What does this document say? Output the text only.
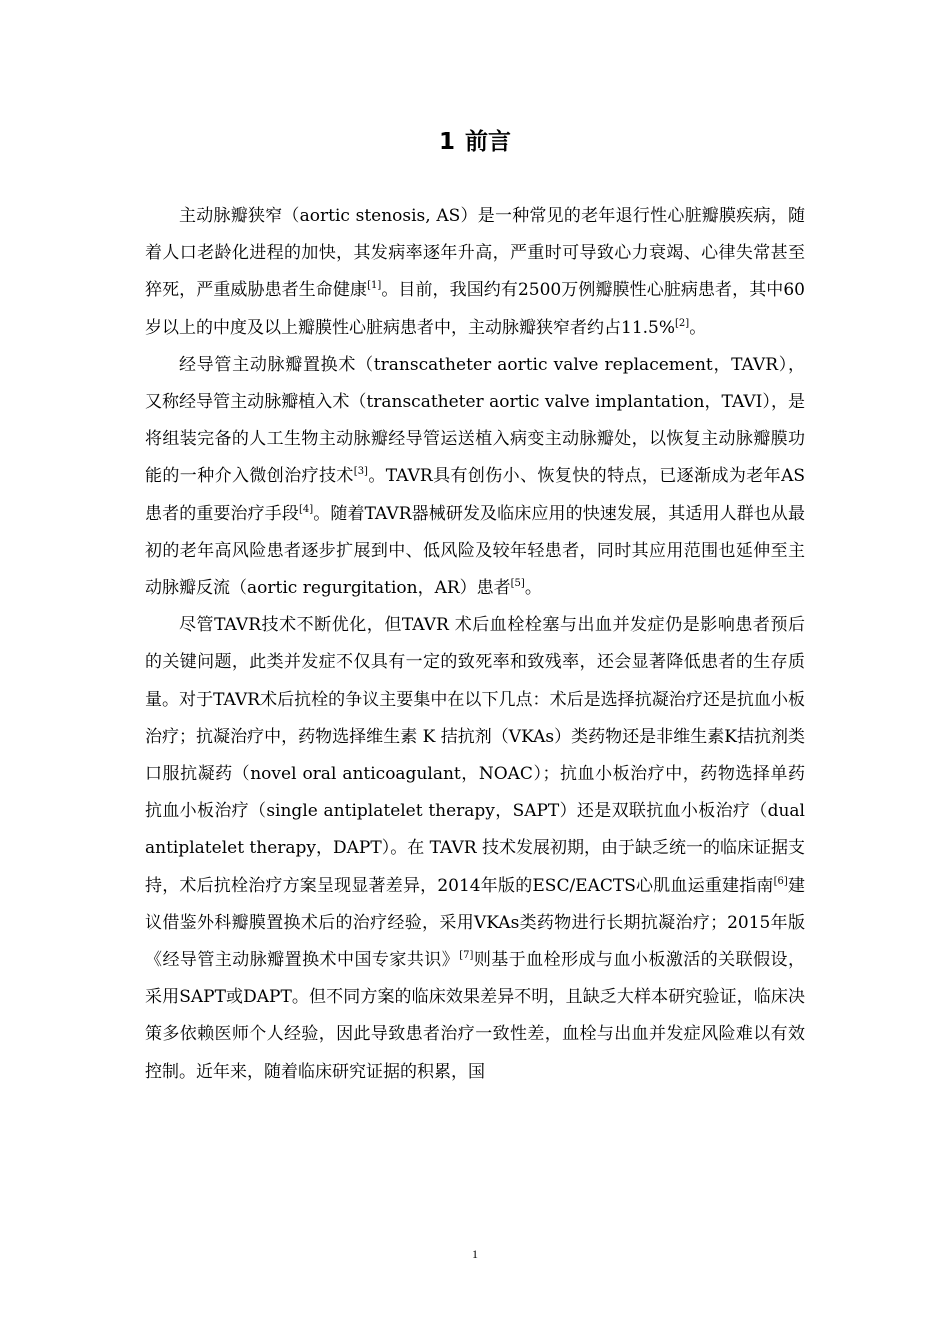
1 前言

主动脉瓣狭窄（aortic stenosis, AS）是一种常见的老年退行性心脏瓣膜疾病，随着人口老龄化进程的加快，其发病率逐年升高，严重时可导致心力衰竭、心律失常甚至猝死，严重威胁患者生命健康[1]。目前，我国约有2500万例瓣膜性心脏病患者，其中60岁以上的中度及以上瓣膜性心脏病患者中，主动脉瓣狭窄者约占11.5%[2]。

经导管主动脉瓣置换术（transcatheter aortic valve replacement，TAVR），又称经导管主动脉瓣植入术（transcatheter aortic valve implantation，TAVI），是将组装完备的人工生物主动脉瓣经导管运送植入病变主动脉瓣处，以恢复主动脉瓣膜功能的一种介入微创治疗技术[3]。TAVR具有创伤小、恢复快的特点，已逐渐成为老年AS患者的重要治疗手段[4]。随着TAVR器械研发及临床应用的快速发展，其适用人群也从最初的老年高风险患者逐步扩展到中、低风险及较年轻患者，同时其应用范围也延伸至主动脉瓣反流（aortic regurgitation，AR）患者[5]。

尽管TAVR技术不断优化，但TAVR 术后血栓栓塞与出血并发症仍是影响患者预后的关键问题，此类并发症不仅具有一定的致死率和致残率，还会显著降低患者的生存质量。对于TAVR术后抗栓的争议主要集中在以下几点：术后是选择抗凝治疗还是抗血小板治疗；抗凝治疗中，药物选择维生素 K 拮抗剂（VKAs）类药物还是非维生素K拮抗剂类口服抗凝药（novel oral anticoagulant，NOAC）；抗血小板治疗中，药物选择单药抗血小板治疗（single antiplatelet therapy，SAPT）还是双联抗血小板治疗（dual antiplatelet therapy，DAPT）。在 TAVR 技术发展初期，由于缺乏统一的临床证据支持，术后抗栓治疗方案呈现显著差异，2014年版的ESC/EACTS心肌血运重建指南[6]建议借鉴外科瓣膜置换术后的治疗经验，采用VKAs类药物进行长期抗凝治疗；2015年版《经导管主动脉瓣置换术中国专家共识》[7]则基于血栓形成与血小板激活的关联假设，采用SAPT或DAPT。但不同方案的临床效果差异不明，且缺乏大样本研究验证，临床决策多依赖医师个人经验，因此导致患者治疗一致性差，血栓与出血并发症风险难以有效控制。近年来，随着临床研究证据的积累，国

1
